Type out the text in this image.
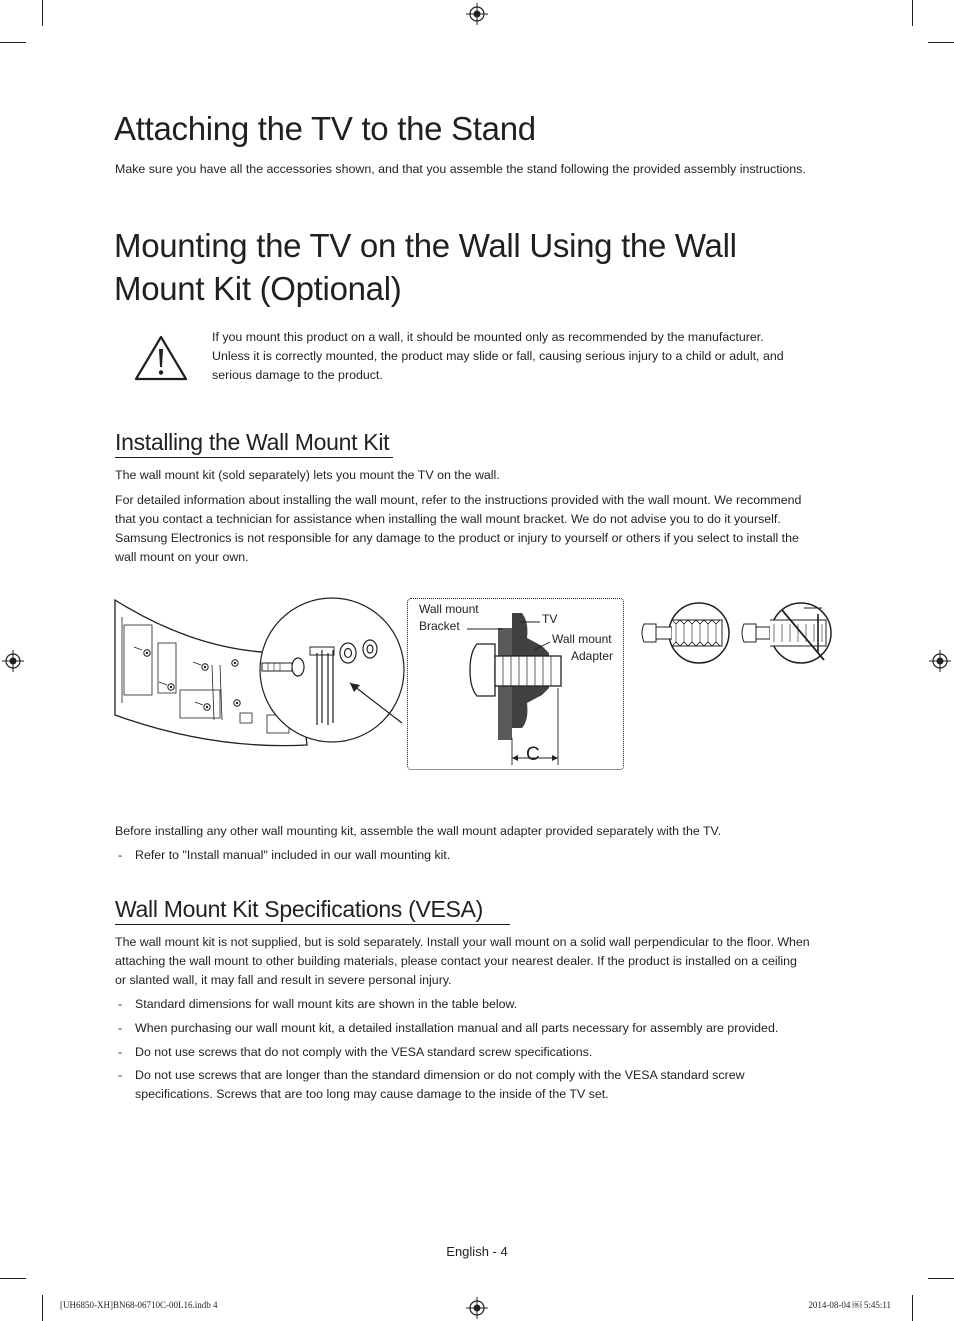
Attaching the TV to the Stand

Make sure you have all the accessories shown, and that you assemble the stand following the provided assembly instructions.

Mounting the TV on the Wall Using the Wall
Mount Kit (Optional)

If you mount this product on a wall, it should be mounted only as recommended by the manufacturer.

Unless it is correctly mounted, the product may slide or fall, causing serious injury to a child or adult, and

serious damage to the product.

Installing the Wall Mount Kit

The wall mount kit (sold separately) lets you mount the TV on the wall.

For detailed information about installing the wall mount, refer to the instructions provided with the wall mount. We recommend

that you contact a technician for assistance when installing the wall mount bracket. We do not advise you to do it yourself.

Samsung Electronics is not responsible for any damage to the product or injury to yourself or others if you select to install the

wall mount on your own.

Wall mount
Bracket	TV
Wall mount
Adapter
C

Before installing any other wall mounting kit, assemble the wall mount adapter provided separately with the TV.

- Refer to "Install manual" included in our wall mounting kit.
Wall Mount Kit Specifications (VESA)

The wall mount kit is not supplied, but is sold separately. Install your wall mount on a solid wall perpendicular to the floor. When

attaching the wall mount to other building materials, please contact your nearest dealer. If the product is installed on a ceiling

or slanted wall, it may fall and result in severe personal injury.

- Standard dimensions for wall mount kits are shown in the table below.
- When purchasing our wall mount kit, a detailed installation manual and all parts necessary for assembly are provided.
- Do not use screws that do not comply with the VESA standard screw specifications.
- Do not use screws that are longer than the standard dimension or do not comply with the VESA standard screw
specifications. Screws that are too long may cause damage to the inside of the TV set.
English - 4
[UH6850-XH]BN68-06710C-00L16.indb 4	2014-08-04 ￼ 5:45:11
